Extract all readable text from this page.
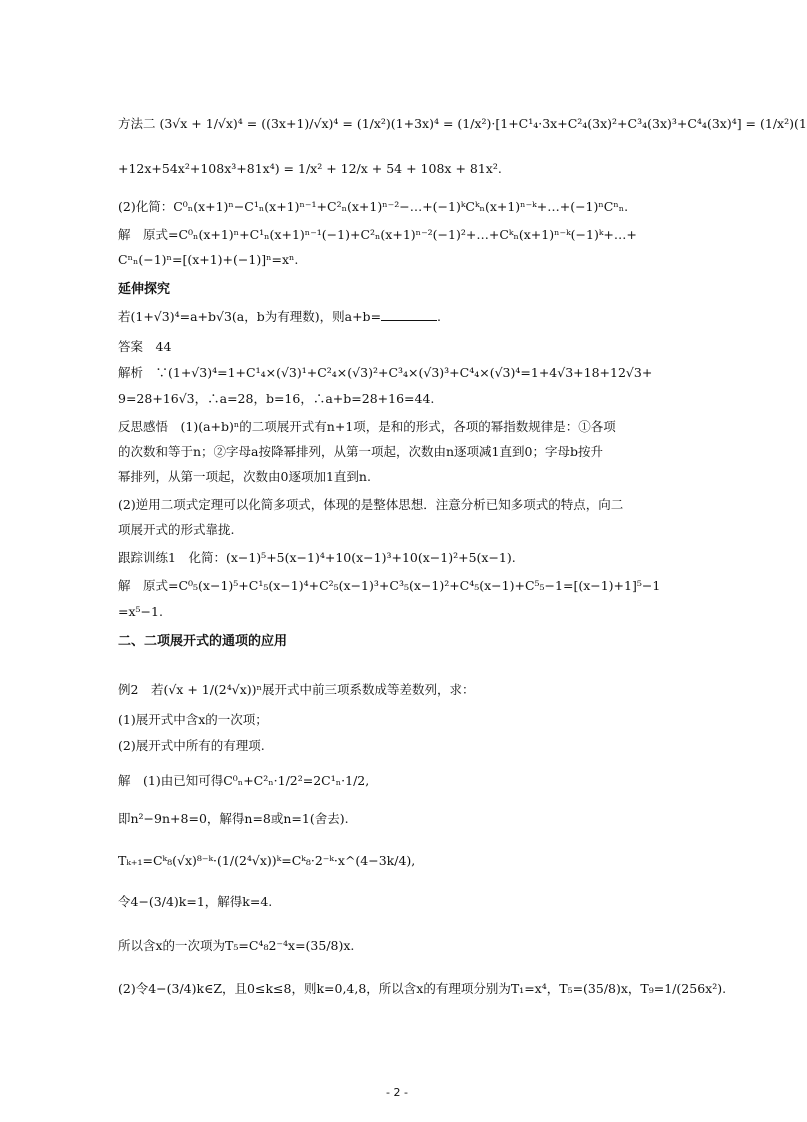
方法二 (3√x + 1/√x)⁴ = ((3x+1)/√x)⁴ = (1/x²)(1+3x)⁴ = (1/x²)·[1+C¹₄·3x+C²₄(3x)²+C³₄(3x)³+C⁴₄(3x)⁴] = (1/x²)(1
+12x+54x²+108x³+81x⁴) = 1/x² + 12/x + 54 + 108x + 81x².
(2)化简：C⁰ₙ(x+1)ⁿ−C¹ₙ(x+1)ⁿ⁻¹+C²ₙ(x+1)ⁿ⁻²−…+(−1)ᵏCᵏₙ(x+1)ⁿ⁻ᵏ+…+(−1)ⁿCⁿₙ.
解　原式=C⁰ₙ(x+1)ⁿ+C¹ₙ(x+1)ⁿ⁻¹(−1)+C²ₙ(x+1)ⁿ⁻²(−1)²+…+Cᵏₙ(x+1)ⁿ⁻ᵏ(−1)ᵏ+…+
Cⁿₙ(−1)ⁿ=[(x+1)+(−1)]ⁿ=xⁿ.
延伸探究
若(1+√3)⁴=a+b√3(a，b为有理数)，则a+b=	.
答案　44
解析　∵(1+√3)⁴=1+C¹₄×(√3)¹+C²₄×(√3)²+C³₄×(√3)³+C⁴₄×(√3)⁴=1+4√3+18+12√3+
9=28+16√3，∴a=28，b=16，∴a+b=28+16=44.
反思感悟　(1)(a+b)ⁿ的二项展开式有n+1项，是和的形式，各项的幂指数规律是：①各项
的次数和等于n；②字母a按降幂排列，从第一项起，次数由n逐项减1直到0；字母b按升
幂排列，从第一项起，次数由0逐项加1直到n.
(2)逆用二项式定理可以化简多项式，体现的是整体思想．注意分析已知多项式的特点，向二
项展开式的形式靠拢.
跟踪训练1　化简：(x−1)⁵+5(x−1)⁴+10(x−1)³+10(x−1)²+5(x−1).
解　原式=C⁰₅(x−1)⁵+C¹₅(x−1)⁴+C²₅(x−1)³+C³₅(x−1)²+C⁴₅(x−1)+C⁵₅−1=[(x−1)+1]⁵−1
=x⁵−1.
二、二项展开式的通项的应用
例2　若(√x + 1/(2⁴√x))ⁿ展开式中前三项系数成等差数列，求：
(1)展开式中含x的一次项；
(2)展开式中所有的有理项.
解　(1)由已知可得C⁰ₙ+C²ₙ·1/2²=2C¹ₙ·1/2,
即n²−9n+8=0，解得n=8或n=1(舍去).
Tₖ₊₁=Cᵏ₈(√x)⁸⁻ᵏ·(1/(2⁴√x))ᵏ=Cᵏ₈·2⁻ᵏ·x^(4−3k/4),
令4−(3/4)k=1，解得k=4.
所以含x的一次项为T₅=C⁴₈2⁻⁴x=(35/8)x.
(2)令4−(3/4)k∈Z，且0≤k≤8，则k=0,4,8，所以含x的有理项分别为T₁=x⁴，T₅=(35/8)x，T₉=1/(256x²).
- 2 -
